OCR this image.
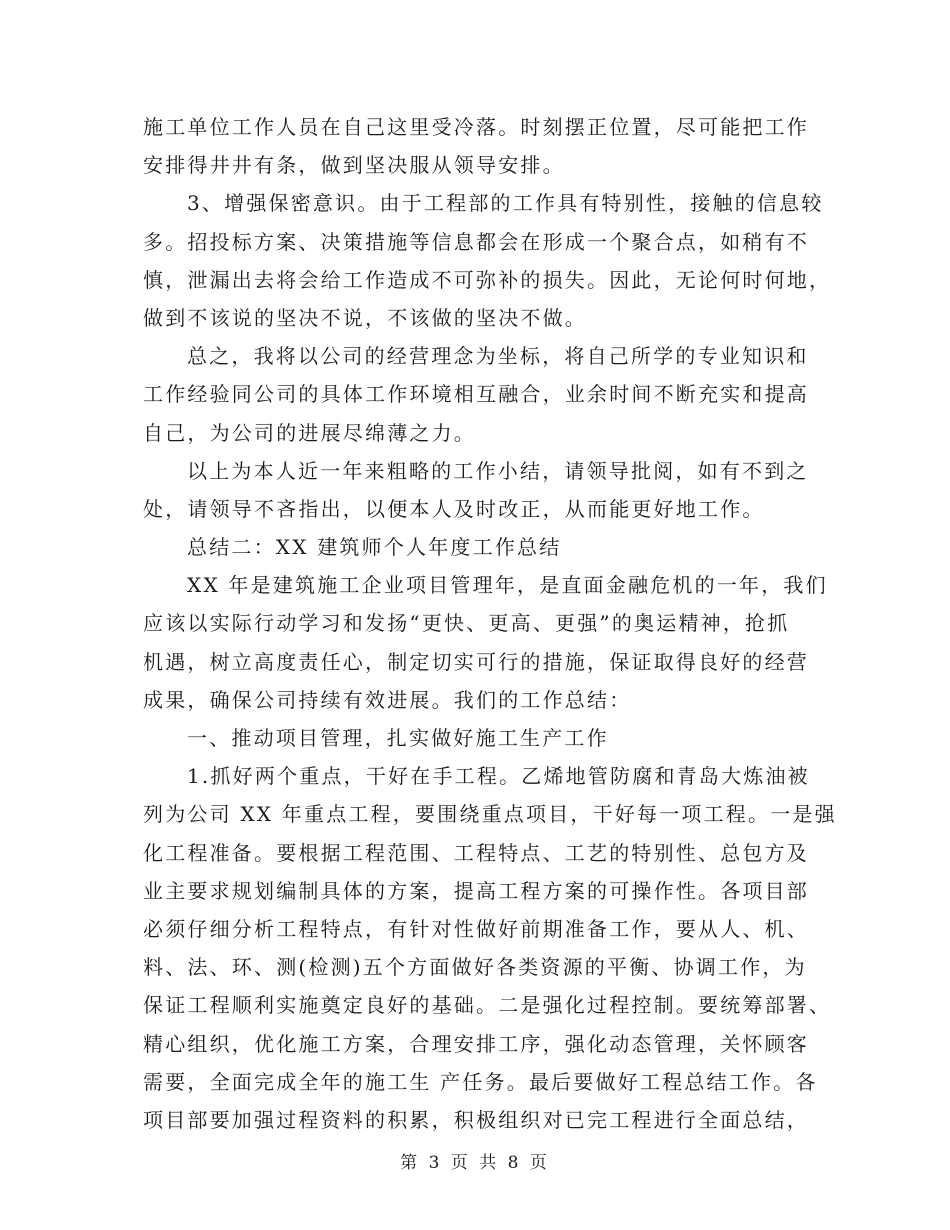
施工单位工作人员在自己这里受冷落。时刻摆正位置，尽可能把工作
安排得井井有条，做到坚决服从领导安排。
3、增强保密意识。由于工程部的工作具有特别性，接触的信息较
多。招投标方案、决策措施等信息都会在形成一个聚合点，如稍有不
慎，泄漏出去将会给工作造成不可弥补的损失。因此，无论何时何地，
做到不该说的坚决不说，不该做的坚决不做。
总之，我将以公司的经营理念为坐标，将自己所学的专业知识和
工作经验同公司的具体工作环境相互融合，业余时间不断充实和提高
自己，为公司的进展尽绵薄之力。
以上为本人近一年来粗略的工作小结，请领导批阅，如有不到之
处，请领导不吝指出，以便本人及时改正，从而能更好地工作。
总结二：XX 建筑师个人年度工作总结
XX 年是建筑施工企业项目管理年，是直面金融危机的一年，我们
应该以实际行动学习和发扬“更快、更高、更强”的奥运精神，抢抓
机遇，树立高度责任心，制定切实可行的措施，保证取得良好的经营
成果，确保公司持续有效进展。我们的工作总结：
一、推动项目管理，扎实做好施工生产工作
1.抓好两个重点，干好在手工程。乙烯地管防腐和青岛大炼油被
列为公司 XX 年重点工程，要围绕重点项目，干好每一项工程。一是强
化工程准备。要根据工程范围、工程特点、工艺的特别性、总包方及
业主要求规划编制具体的方案，提高工程方案的可操作性。各项目部
必须仔细分析工程特点，有针对性做好前期准备工作，要从人、机、
料、法、环、测(检测)五个方面做好各类资源的平衡、协调工作，为
保证工程顺利实施奠定良好的基础。二是强化过程控制。要统筹部署、
精心组织，优化施工方案，合理安排工序，强化动态管理，关怀顾客
需要，全面完成全年的施工生 产任务。最后要做好工程总结工作。各
项目部要加强过程资料的积累，积极组织对已完工程进行全面总结，
第 3 页 共 8 页
